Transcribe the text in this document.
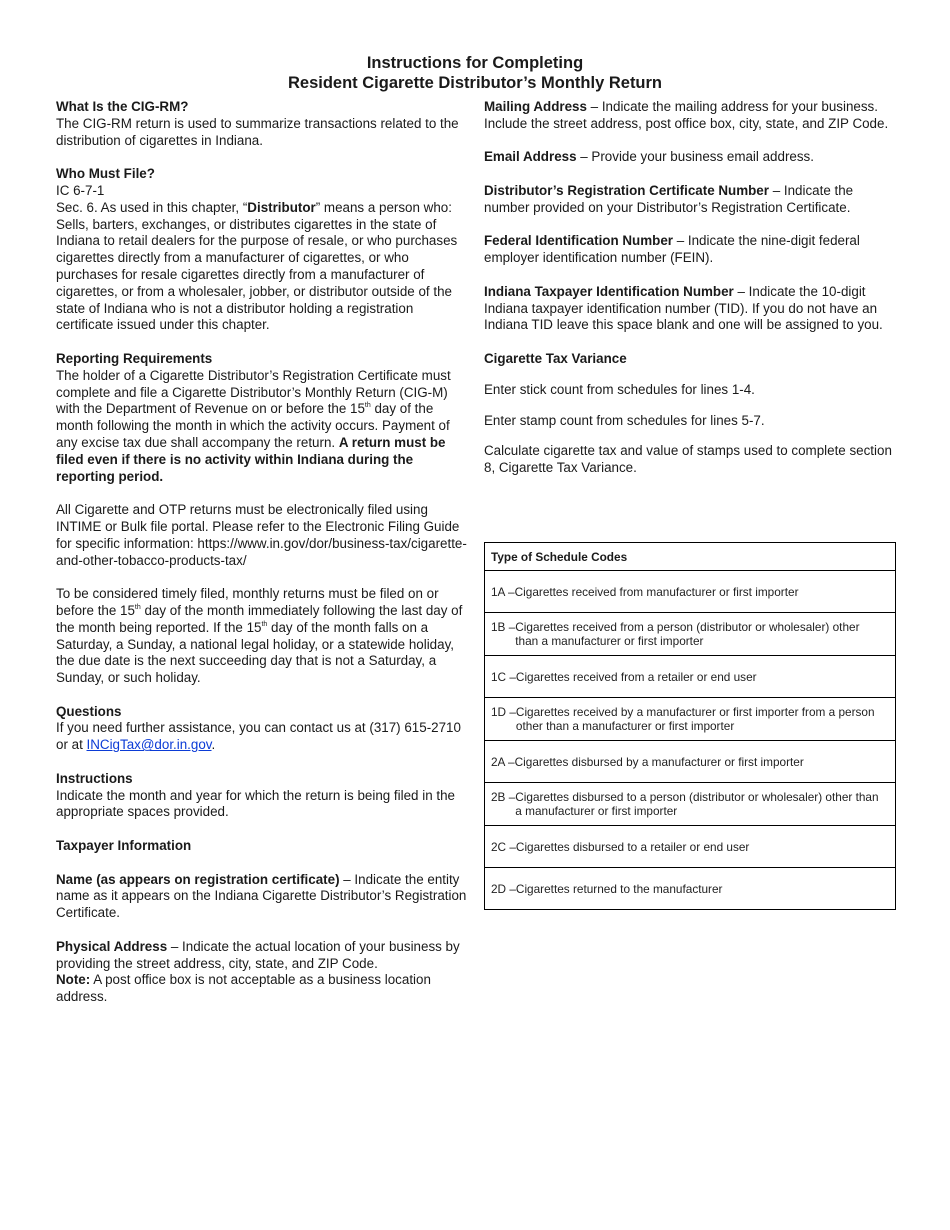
Instructions for Completing
Resident Cigarette Distributor’s Monthly Return

What Is the CIG-RM?
The CIG-RM return is used to summarize transactions related to the distribution of cigarettes in Indiana.

Who Must File?
IC 6-7-1
Sec. 6. As used in this chapter, “Distributor” means a person who: Sells, barters, exchanges, or distributes cigarettes in the state of Indiana to retail dealers for the purpose of resale, or who purchases cigarettes directly from a manufacturer of cigarettes, or who purchases for resale cigarettes directly from a manufacturer of cigarettes, or from a wholesaler, jobber, or distributor outside of the state of Indiana who is not a distributor holding a registration certificate issued under this chapter.

Reporting Requirements
The holder of a Cigarette Distributor’s Registration Certificate must complete and file a Cigarette Distributor’s Monthly Return (CIG-M) with the Department of Revenue on or before the 15th day of the month following the month in which the activity occurs. Payment of any excise tax due shall accompany the return. A return must be filed even if there is no activity within Indiana during the reporting period.

All Cigarette and OTP returns must be electronically filed using INTIME or Bulk file portal. Please refer to the Electronic Filing Guide for specific information: https://www.in.gov/dor/business-tax/cigarette-and-other-tobacco-products-tax/

To be considered timely filed, monthly returns must be filed on or before the 15th day of the month immediately following the last day of the month being reported. If the 15th day of the month falls on a Saturday, a Sunday, a national legal holiday, or a statewide holiday, the due date is the next succeeding day that is not a Saturday, a Sunday, or such holiday.

Questions
If you need further assistance, you can contact us at (317) 615-2710 or at INCigTax@dor.in.gov.

Instructions
Indicate the month and year for which the return is being filed in the appropriate spaces provided.

Taxpayer Information

Name (as appears on registration certificate) – Indicate the entity name as it appears on the Indiana Cigarette Distributor’s Registration Certificate.

Physical Address – Indicate the actual location of your business by providing the street address, city, state, and ZIP Code.
Note: A post office box is not acceptable as a business location address.

Mailing Address – Indicate the mailing address for your business. Include the street address, post office box, city, state, and ZIP Code.

Email Address – Provide your business email address.

Distributor’s Registration Certificate Number – Indicate the number provided on your Distributor’s Registration Certificate.

Federal Identification Number – Indicate the nine-digit federal employer identification number (FEIN).

Indiana Taxpayer Identification Number – Indicate the 10-digit Indiana taxpayer identification number (TID). If you do not have an Indiana TID leave this space blank and one will be assigned to you.

Cigarette Tax Variance

Enter stick count from schedules for lines 1-4.

Enter stamp count from schedules for lines 5-7.

Calculate cigarette tax and value of stamps used to complete section 8, Cigarette Tax Variance.

Type of Schedule Codes
1A – Cigarettes received from manufacturer or first importer
1B – Cigarettes received from a person (distributor or wholesaler) other than a manufacturer or first importer
1C – Cigarettes received from a retailer or end user
1D – Cigarettes received by a manufacturer or first importer from a person other than a manufacturer or first importer
2A – Cigarettes disbursed by a manufacturer or first importer
2B – Cigarettes disbursed to a person (distributor or wholesaler) other than a manufacturer or first importer
2C – Cigarettes disbursed to a retailer or end user
2D – Cigarettes returned to the manufacturer
